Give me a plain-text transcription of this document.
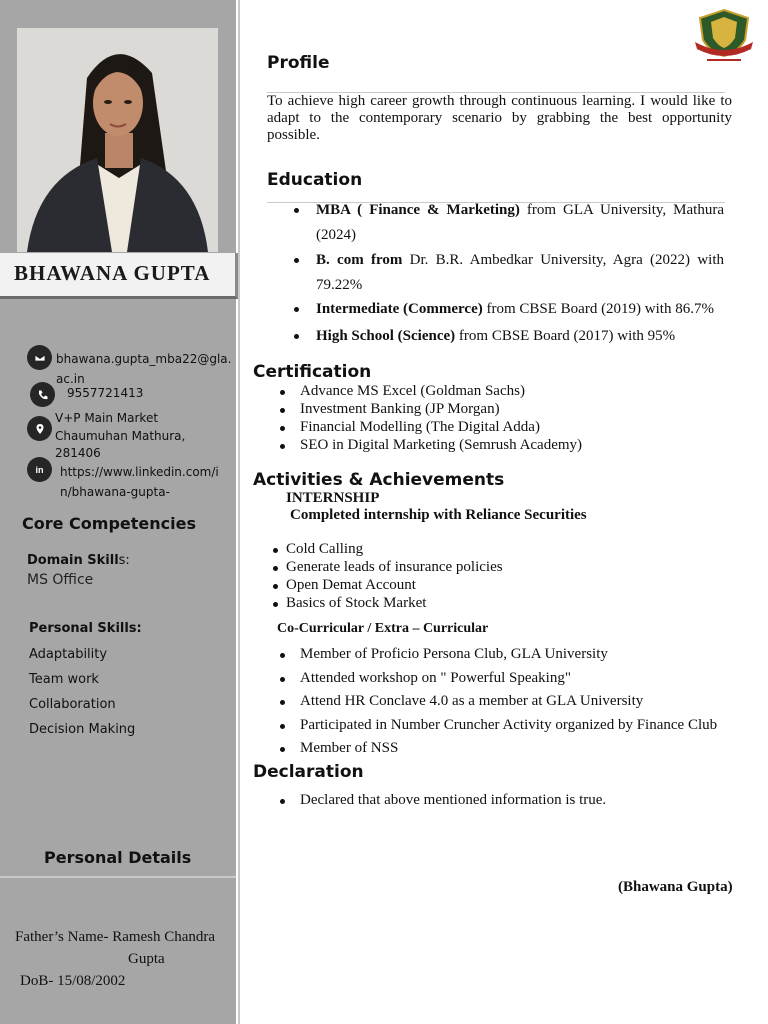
BHAWANA GUPTA
bhawana.gupta_mba22@gla.
ac.in
9557721413
V+P Main Market
Chaumuhan Mathura,
281406
in https://www.linkedin.com/i
n/bhawana-gupta-
Core Competencies
Domain Skills:
MS Office
Personal Skills:
Adaptability
Team work
Collaboration
Decision Making
Personal Details
Father’s Name- Ramesh Chandra
Gupta
DoB- 15/08/2002
Profile
To achieve high career growth through continuous learning. I would like to adapt to the contemporary scenario by grabbing the best opportunity possible.
Education
MBA ( Finance & Marketing) from GLA University, Mathura (2024)
B. com from Dr. B.R. Ambedkar University, Agra (2022) with 79.22%
Intermediate (Commerce) from CBSE Board (2019) with 86.7%
High School (Science) from CBSE Board (2017) with 95%
Certification
Advance MS Excel (Goldman Sachs)
Investment Banking (JP Morgan)
Financial Modelling (The Digital Adda)
SEO in Digital Marketing (Semrush Academy)
Activities & Achievements
INTERNSHIP
Completed internship with Reliance Securities
Cold Calling
Generate leads of insurance policies
Open Demat Account
Basics of Stock Market
Co-Curricular / Extra – Curricular
Member of Proficio Persona Club, GLA University
Attended workshop on " Powerful Speaking"
Attend HR Conclave 4.0 as a member at GLA University
Participated in Number Cruncher Activity organized by Finance Club
Member of NSS
Declaration
Declared that above mentioned information is true.
(Bhawana Gupta)
